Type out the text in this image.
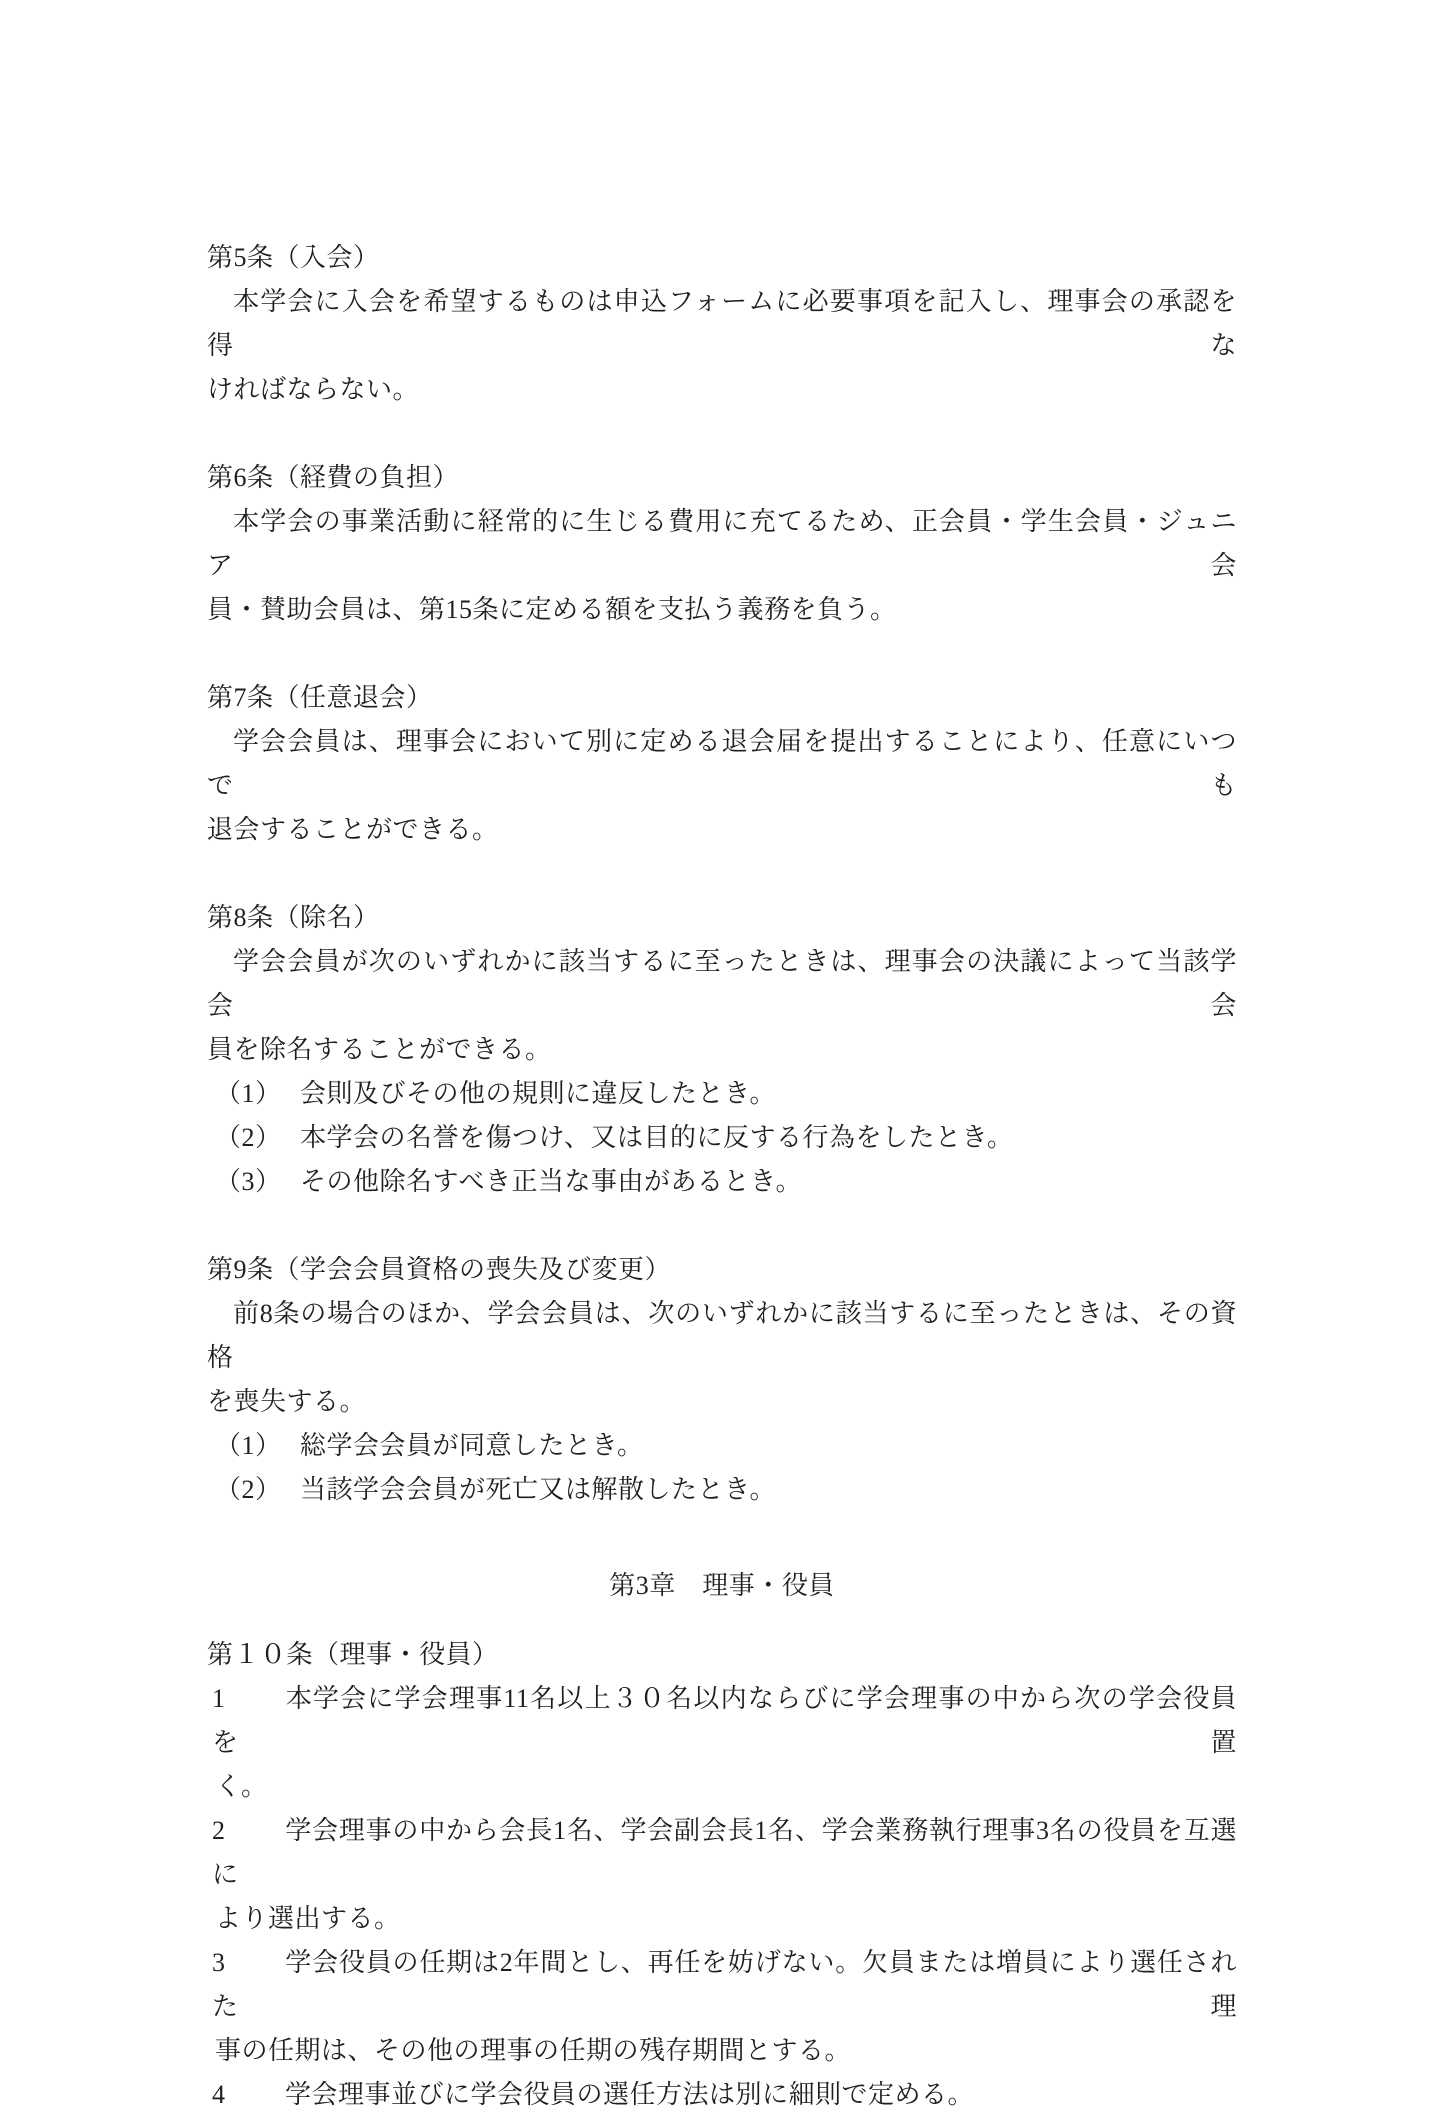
第5条（入会）
本学会に入会を希望するものは申込フォームに必要事項を記入し、理事会の承認を得な
ければならない。
第6条（経費の負担）
本学会の事業活動に経常的に生じる費用に充てるため、正会員・学生会員・ジュニア会
員・賛助会員は、第15条に定める額を支払う義務を負う。
第7条（任意退会）
学会会員は、理事会において別に定める退会届を提出することにより、任意にいつでも
退会することができる。
第8条（除名）
学会会員が次のいずれかに該当するに至ったときは、理事会の決議によって当該学会会
員を除名することができる。
（1） 会則及びその他の規則に違反したとき。
（2） 本学会の名誉を傷つけ、又は目的に反する行為をしたとき。
（3） その他除名すべき正当な事由があるとき。
第9条（学会会員資格の喪失及び変更）
前8条の場合のほか、学会会員は、次のいずれかに該当するに至ったときは、その資格
を喪失する。
（1） 総学会会員が同意したとき。
（2） 当該学会会員が死亡又は解散したとき。
第3章　理事・役員
第１０条（理事・役員）
1 本学会に学会理事11名以上３０名以内ならびに学会理事の中から次の学会役員を置
く。
2 学会理事の中から会長1名、学会副会長1名、学会業務執行理事3名の役員を互選に
より選出する。
3 学会役員の任期は2年間とし、再任を妨げない。欠員または増員により選任された理
事の任期は、その他の理事の任期の残存期間とする。
4 学会理事並びに学会役員の選任方法は別に細則で定める。
